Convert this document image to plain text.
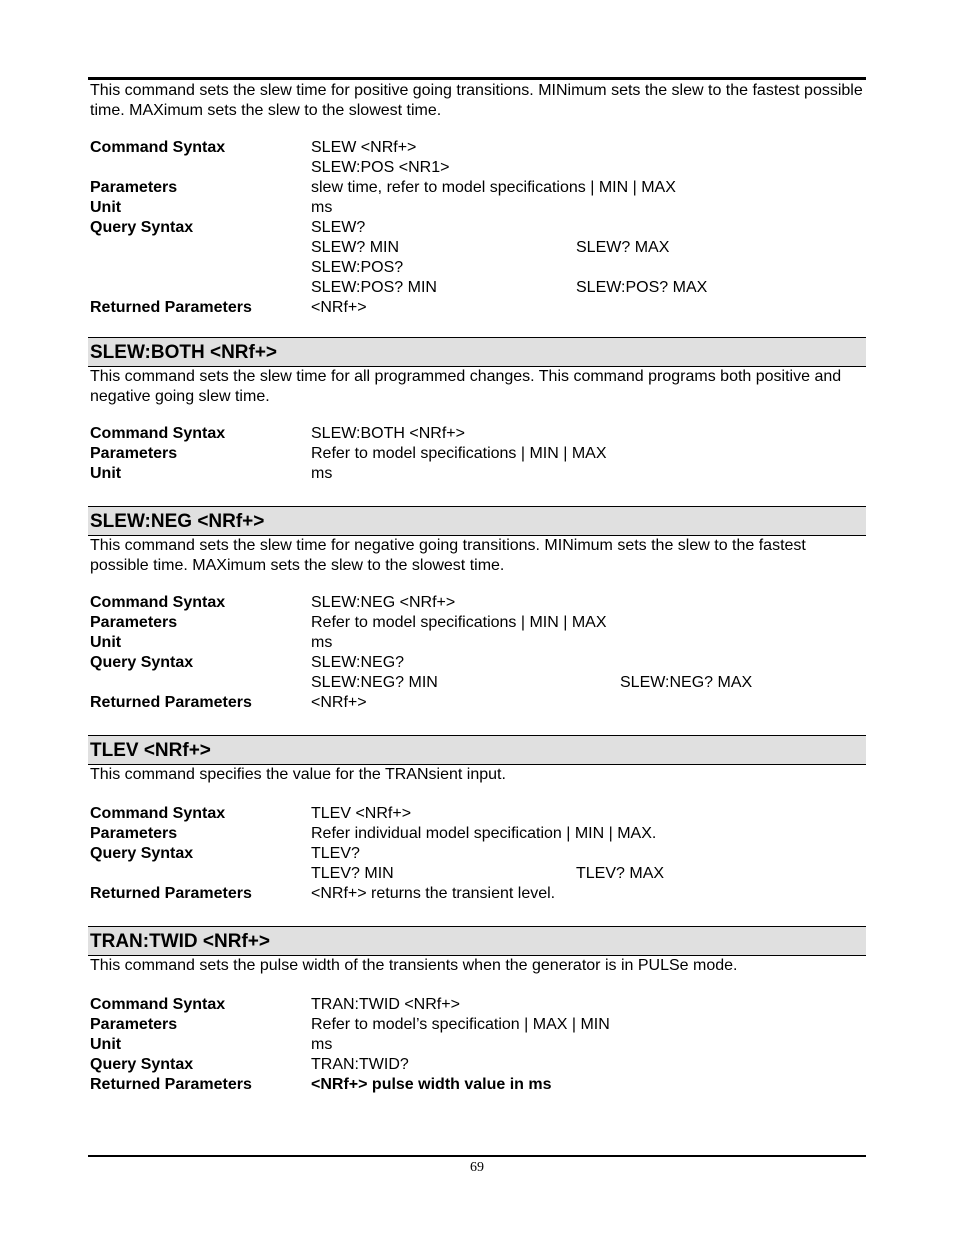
This command sets the slew time for positive going transitions. MINimum sets the slew to the fastest possible time. MAXimum sets the slew to the slowest time.

Command Syntax	SLEW <NRf+>
SLEW:POS <NR1>
Parameters	slew time, refer to model specifications | MIN | MAX
Unit	ms
Query Syntax	SLEW?
SLEW? MIN	SLEW? MAX
SLEW:POS?
SLEW:POS? MIN	SLEW:POS? MAX
Returned Parameters	<NRf+>
SLEW:BOTH <NRf+>

This command sets the slew time for all programmed changes. This command programs both positive and negative going slew time.

Command Syntax	SLEW:BOTH <NRf+>
Parameters	Refer to model specifications | MIN | MAX
Unit	ms
SLEW:NEG <NRf+>

This command sets the slew time for negative going transitions. MINimum sets the slew to the fastest possible time. MAXimum sets the slew to the slowest time.

Command Syntax	SLEW:NEG <NRf+>
Parameters	Refer to model specifications | MIN | MAX
Unit	ms
Query Syntax	SLEW:NEG?
SLEW:NEG? MIN	SLEW:NEG? MAX
Returned Parameters	<NRf+>
TLEV <NRf+>

This command specifies the value for the TRANsient input.

Command Syntax	TLEV <NRf+>
Parameters	Refer individual model specification | MIN | MAX.
Query Syntax	TLEV?
TLEV? MIN	TLEV? MAX
Returned Parameters	<NRf+> returns the transient level.
TRAN:TWID <NRf+>

This command sets the pulse width of the transients when the generator is in PULSe mode.

Command Syntax	TRAN:TWID <NRf+>
Parameters	Refer to model’s specification | MAX | MIN
Unit	ms
Query Syntax	TRAN:TWID?
Returned Parameters	<NRf+> pulse width value in ms
69
